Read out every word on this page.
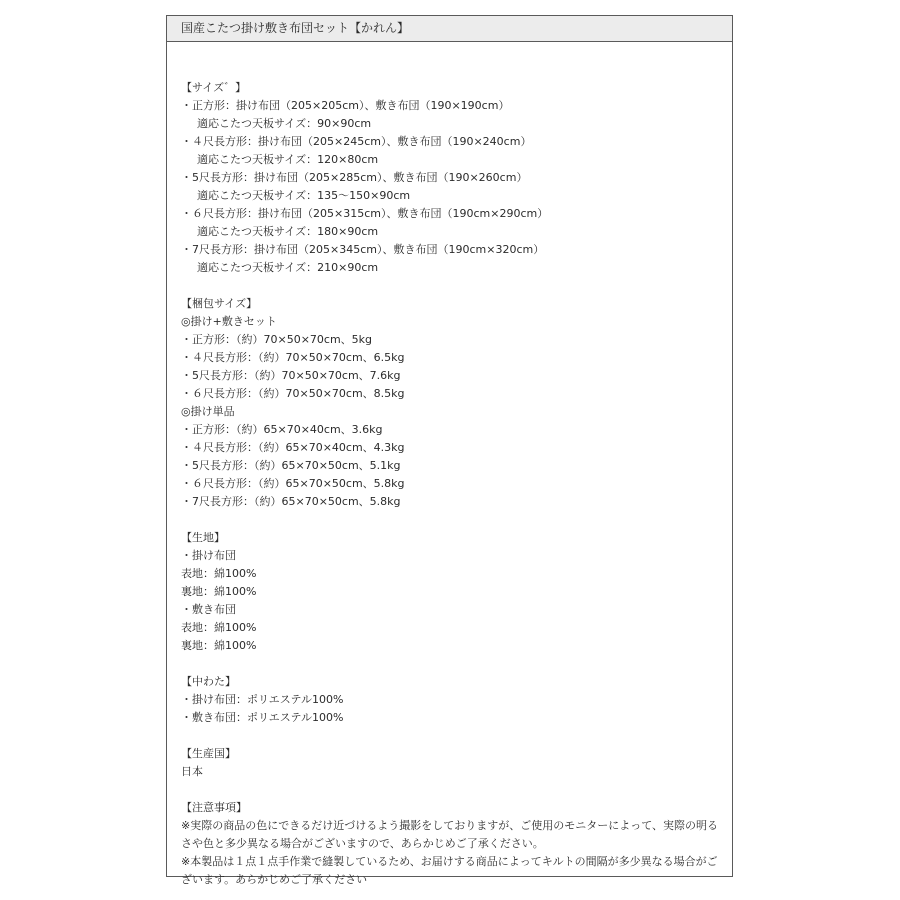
国産こたつ掛け敷き布団セット【かれん】
【サイズ゛】
・正方形：掛け布団（205×205cm）、敷き布団（190×190cm）
適応こたつ天板サイズ：90×90cm
・４尺長方形：掛け布団（205×245cm）、敷き布団（190×240cm）
適応こたつ天板サイズ：120×80cm
・5尺長方形：掛け布団（205×285cm）、敷き布団（190×260cm）
適応こたつ天板サイズ：135〜150×90cm
・６尺長方形：掛け布団（205×315cm）、敷き布団（190cm×290cm）
適応こたつ天板サイズ：180×90cm
・7尺長方形：掛け布団（205×345cm）、敷き布団（190cm×320cm）
適応こたつ天板サイズ：210×90cm
【梱包サイズ】
◎掛け+敷きセット
・正方形：（約）70×50×70cm、5kg
・４尺長方形：（約）70×50×70cm、6.5kg
・5尺長方形：（約）70×50×70cm、7.6kg
・６尺長方形：（約）70×50×70cm、8.5kg
◎掛け単品
・正方形：（約）65×70×40cm、3.6kg
・４尺長方形：（約）65×70×40cm、4.3kg
・5尺長方形：（約）65×70×50cm、5.1kg
・６尺長方形：（約）65×70×50cm、5.8kg
・7尺長方形：（約）65×70×50cm、5.8kg
【生地】
・掛け布団
表地：綿100%
裏地：綿100%
・敷き布団
表地：綿100%
裏地：綿100%
【中わた】
・掛け布団：ポリエステル100%
・敷き布団：ポリエステル100%
【生産国】
日本
【注意事項】
※実際の商品の色にできるだけ近づけるよう撮影をしておりますが、ご使用のモニターによって、実際の明るさや色と多少異なる場合がございますので、あらかじめご了承ください。
※本製品は１点１点手作業で縫製しているため、お届けする商品によってキルトの間隔が多少異なる場合がございます。あらかじめご了承ください
